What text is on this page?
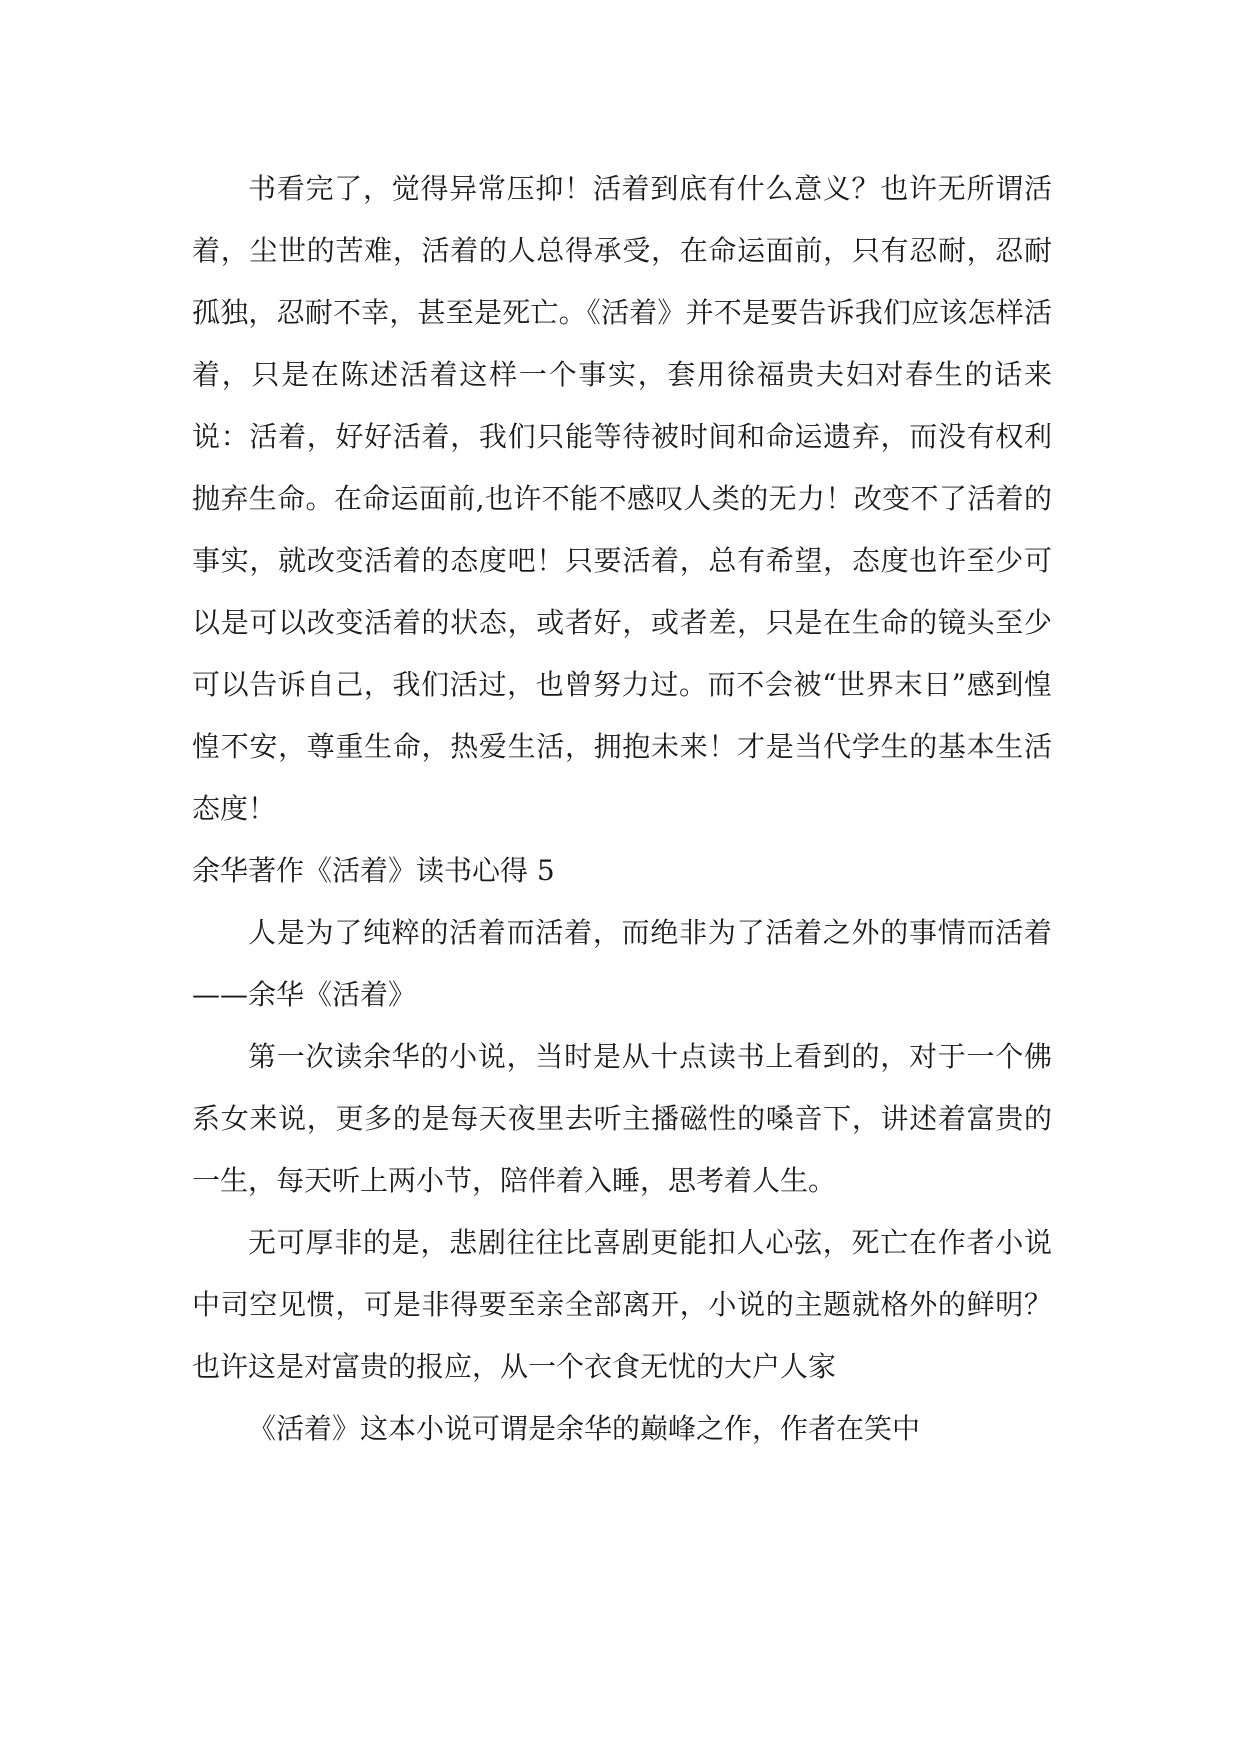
书看完了，觉得异常压抑！活着到底有什么意义？也许无所谓活着，尘世的苦难，活着的人总得承受，在命运面前，只有忍耐，忍耐孤独，忍耐不幸，甚至是死亡。《活着》并不是要告诉我们应该怎样活着，只是在陈述活着这样一个事实，套用徐福贵夫妇对春生的话来说：活着，好好活着，我们只能等待被时间和命运遗弃，而没有权利抛弃生命。在命运面前,也许不能不感叹人类的无力！改变不了活着的事实，就改变活着的态度吧！只要活着，总有希望，态度也许至少可以是可以改变活着的状态，或者好，或者差，只是在生命的镜头至少可以告诉自己，我们活过，也曾努力过。而不会被“世界末日”感到惶惶不安，尊重生命，热爱生活，拥抱未来！才是当代学生的基本生活态度！

余华著作《活着》读书心得 5

人是为了纯粹的活着而活着，而绝非为了活着之外的事情而活着——余华《活着》

第一次读余华的小说，当时是从十点读书上看到的，对于一个佛系女来说，更多的是每天夜里去听主播磁性的嗓音下，讲述着富贵的一生，每天听上两小节，陪伴着入睡，思考着人生。

无可厚非的是，悲剧往往比喜剧更能扣人心弦，死亡在作者小说中司空见惯，可是非得要至亲全部离开，小说的主题就格外的鲜明？也许这是对富贵的报应，从一个衣食无忧的大户人家

《活着》这本小说可谓是余华的巅峰之作，作者在笑中
